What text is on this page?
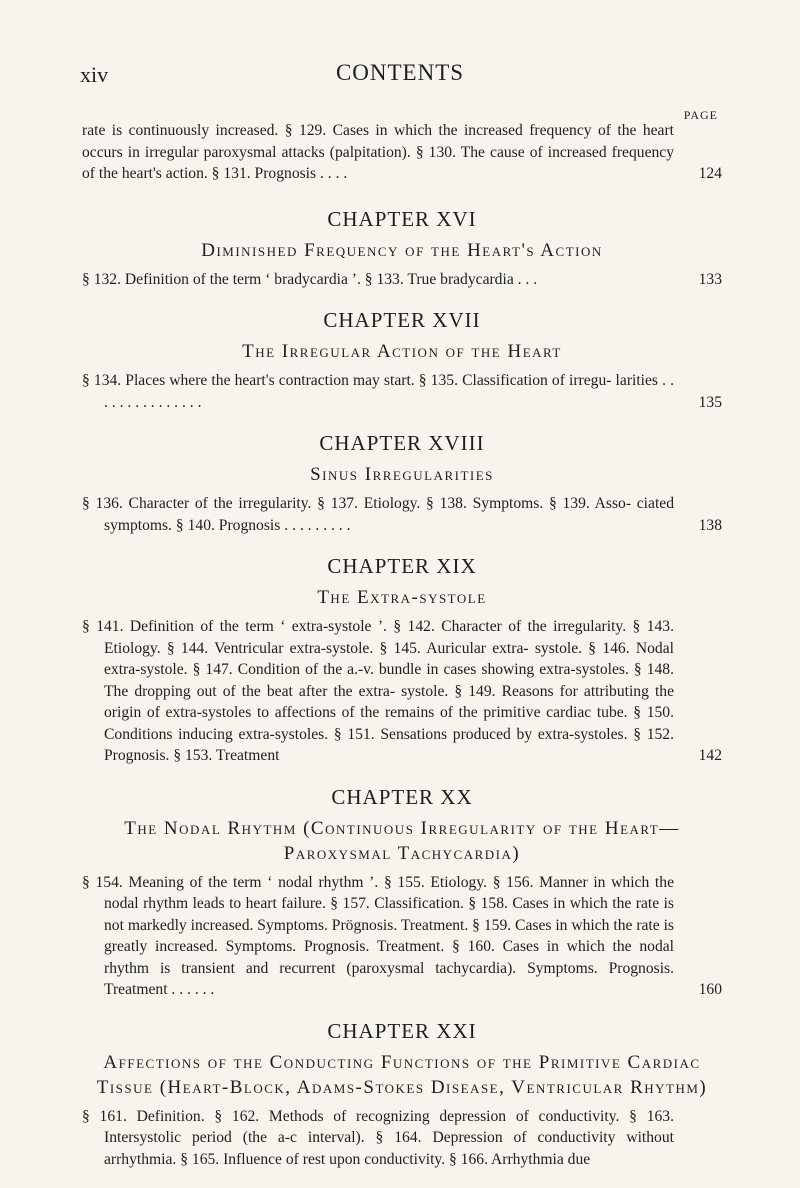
xiv	CONTENTS
PAGE

rate is continuously increased. § 129. Cases in which the increased frequency of the heart occurs in irregular paroxysmal attacks (palpitation). § 130. The cause of increased frequency of the heart's action. § 131. Prognosis . . . .	124
CHAPTER XVI
Diminished Frequency of the Heart's Action

§ 132. Definition of the term ‘ bradycardia ’. § 133. True bradycardia . . .	133
CHAPTER XVII
The Irregular Action of the Heart

§ 134. Places where the heart's contraction may start. § 135. Classification of irregu- larities . . . . . . . . . . . . . . .	135
CHAPTER XVIII
Sinus Irregularities

§ 136. Character of the irregularity. § 137. Etiology. § 138. Symptoms. § 139. Asso- ciated symptoms. § 140. Prognosis . . . . . . . . .	138
CHAPTER XIX
The Extra-systole

§ 141. Definition of the term ‘ extra-systole ’. § 142. Character of the irregularity. § 143. Etiology. § 144. Ventricular extra-systole. § 145. Auricular extra- systole. § 146. Nodal extra-systole. § 147. Condition of the a.-v. bundle in cases showing extra-systoles. § 148. The dropping out of the beat after the extra- systole. § 149. Reasons for attributing the origin of extra-systoles to affections of the remains of the primitive cardiac tube. § 150. Conditions inducing extra-systoles. § 151. Sensations produced by extra-systoles. § 152. Prognosis. § 153. Treatment	142
CHAPTER XX
The Nodal Rhythm (Continuous Irregularity of the Heart—Paroxysmal Tachycardia)

§ 154. Meaning of the term ‘ nodal rhythm ’. § 155. Etiology. § 156. Manner in which the nodal rhythm leads to heart failure. § 157. Classification. § 158. Cases in which the rate is not markedly increased. Symptoms. Prögnosis. Treatment. § 159. Cases in which the rate is greatly increased. Symptoms. Prognosis. Treatment. § 160. Cases in which the nodal rhythm is transient and recurrent (paroxysmal tachycardia). Symptoms. Prognosis. Treatment . . . . . .	160
CHAPTER XXI
Affections of the Conducting Functions of the Primitive Cardiac Tissue (Heart-Block, Adams-Stokes Disease, Ventricular Rhythm)

§ 161. Definition. § 162. Methods of recognizing depression of conductivity. § 163. Intersystolic period (the a-c interval). § 164. Depression of conductivity without arrhythmia. § 165. Influence of rest upon conductivity. § 166. Arrhythmia due
